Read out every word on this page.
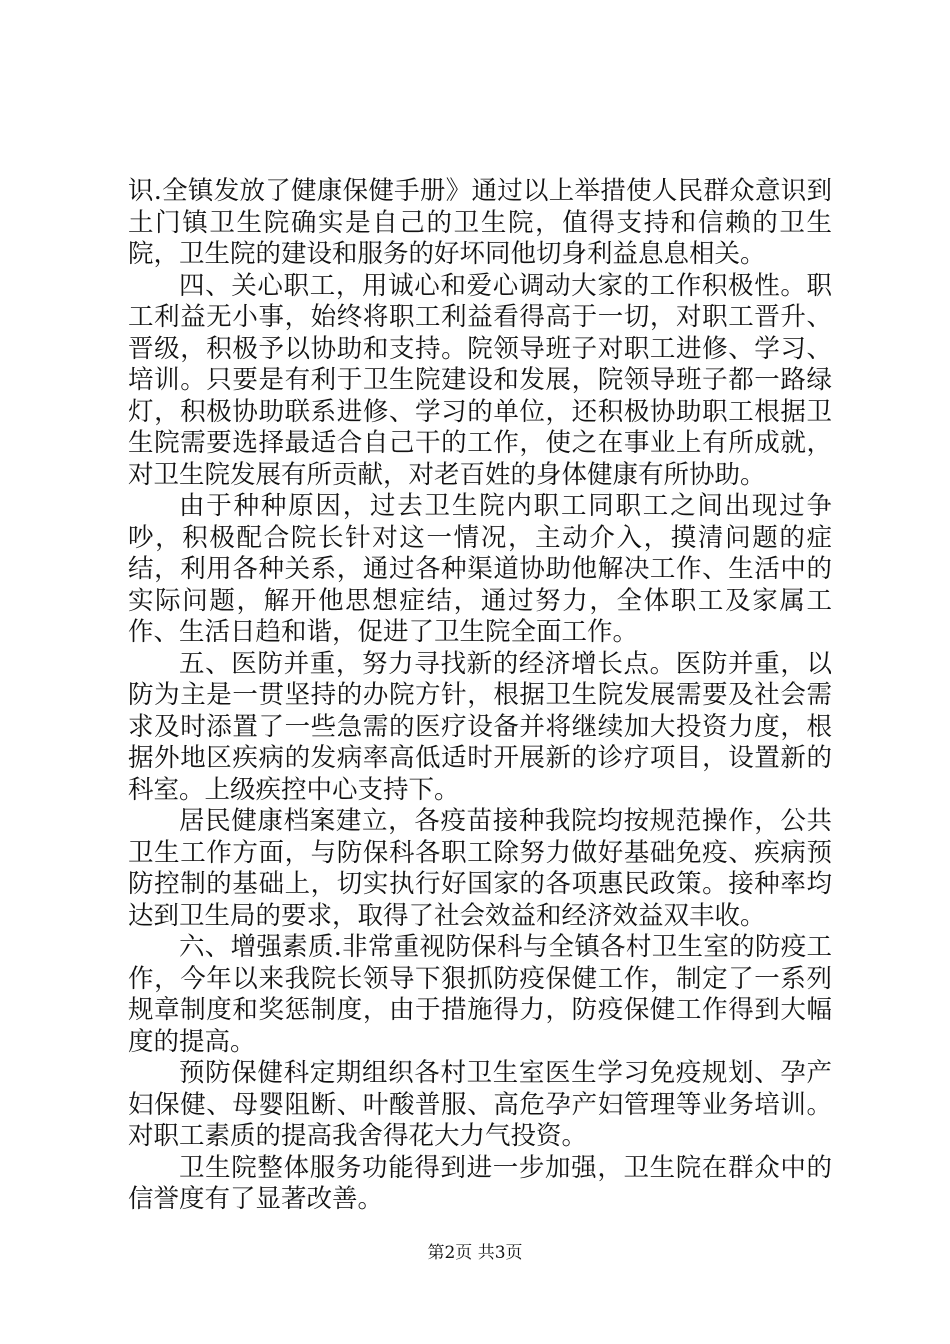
识.全镇发放了健康保健手册》通过以上举措使人民群众意识到土门镇卫生院确实是自己的卫生院，值得支持和信赖的卫生院，卫生院的建设和服务的好坏同他切身利益息息相关。

四、关心职工，用诚心和爱心调动大家的工作积极性。职工利益无小事，始终将职工利益看得高于一切，对职工晋升、晋级，积极予以协助和支持。院领导班子对职工进修、学习、培训。只要是有利于卫生院建设和发展，院领导班子都一路绿灯，积极协助联系进修、学习的单位，还积极协助职工根据卫生院需要选择最适合自己干的工作，使之在事业上有所成就，对卫生院发展有所贡献，对老百姓的身体健康有所协助。

由于种种原因，过去卫生院内职工同职工之间出现过争吵，积极配合院长针对这一情况，主动介入，摸清问题的症结，利用各种关系，通过各种渠道协助他解决工作、生活中的实际问题，解开他思想症结，通过努力，全体职工及家属工作、生活日趋和谐，促进了卫生院全面工作。

五、医防并重，努力寻找新的经济增长点。医防并重，以防为主是一贯坚持的办院方针，根据卫生院发展需要及社会需求及时添置了一些急需的医疗设备并将继续加大投资力度，根据外地区疾病的发病率高低适时开展新的诊疗项目，设置新的科室。上级疾控中心支持下。

居民健康档案建立，各疫苗接种我院均按规范操作，公共卫生工作方面，与防保科各职工除努力做好基础免疫、疾病预防控制的基础上，切实执行好国家的各项惠民政策。接种率均达到卫生局的要求，取得了社会效益和经济效益双丰收。

六、增强素质.非常重视防保科与全镇各村卫生室的防疫工作，今年以来我院长领导下狠抓防疫保健工作，制定了一系列规章制度和奖惩制度，由于措施得力，防疫保健工作得到大幅度的提高。

预防保健科定期组织各村卫生室医生学习免疫规划、孕产妇保健、母婴阻断、叶酸普服、高危孕产妇管理等业务培训。对职工素质的提高我舍得花大力气投资。

卫生院整体服务功能得到进一步加强，卫生院在群众中的信誉度有了显著改善。

第2页 共3页
